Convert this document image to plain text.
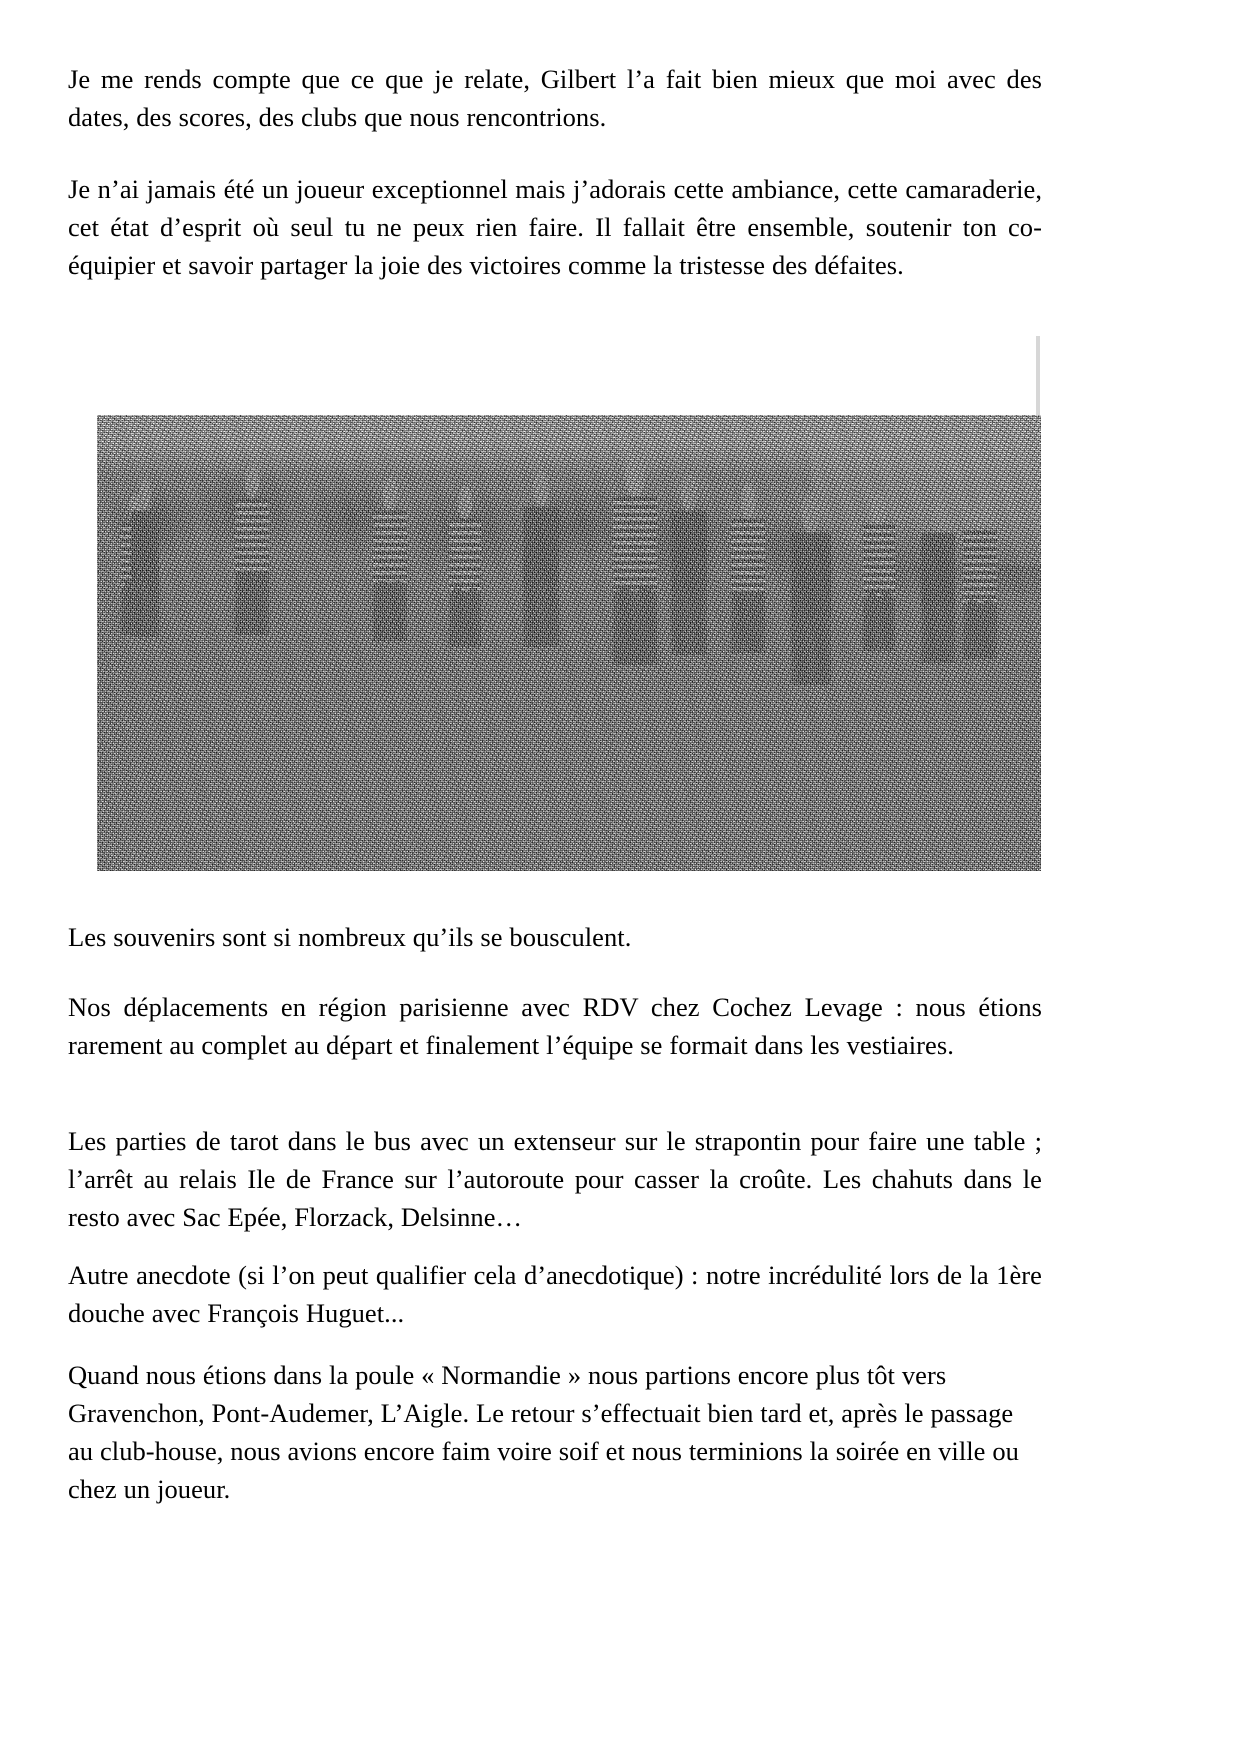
Je me rends compte que ce que je relate, Gilbert l’a fait bien mieux que moi avec des dates, des scores, des clubs que nous rencontrions.

Je n’ai jamais été un joueur exceptionnel mais j’adorais cette ambiance, cette camaraderie, cet état d’esprit où seul tu ne peux rien faire. Il fallait être ensemble, soutenir ton co-équipier et savoir partager la joie des victoires comme la tristesse des défaites.

Les souvenirs sont si nombreux qu’ils se bousculent.

Nos déplacements en région parisienne avec RDV chez Cochez Levage : nous étions rarement au complet au départ et finalement l’équipe se formait dans les vestiaires.

Les parties de tarot dans le bus avec un extenseur sur le strapontin pour faire une table ; l’arrêt au relais Ile de France sur l’autoroute pour casser la croûte. Les chahuts dans le resto avec Sac Epée, Florzack, Delsinne…

Autre anecdote (si l’on peut qualifier cela d’anecdotique) : notre incrédulité lors de la 1ère douche avec François Huguet...

Quand nous étions dans la poule « Normandie » nous partions encore plus tôt vers Gravenchon, Pont-Audemer, L’Aigle. Le retour s’effectuait bien tard et, après le passage au club-house, nous avions encore faim voire soif et nous terminions la soirée en ville ou chez un joueur.
